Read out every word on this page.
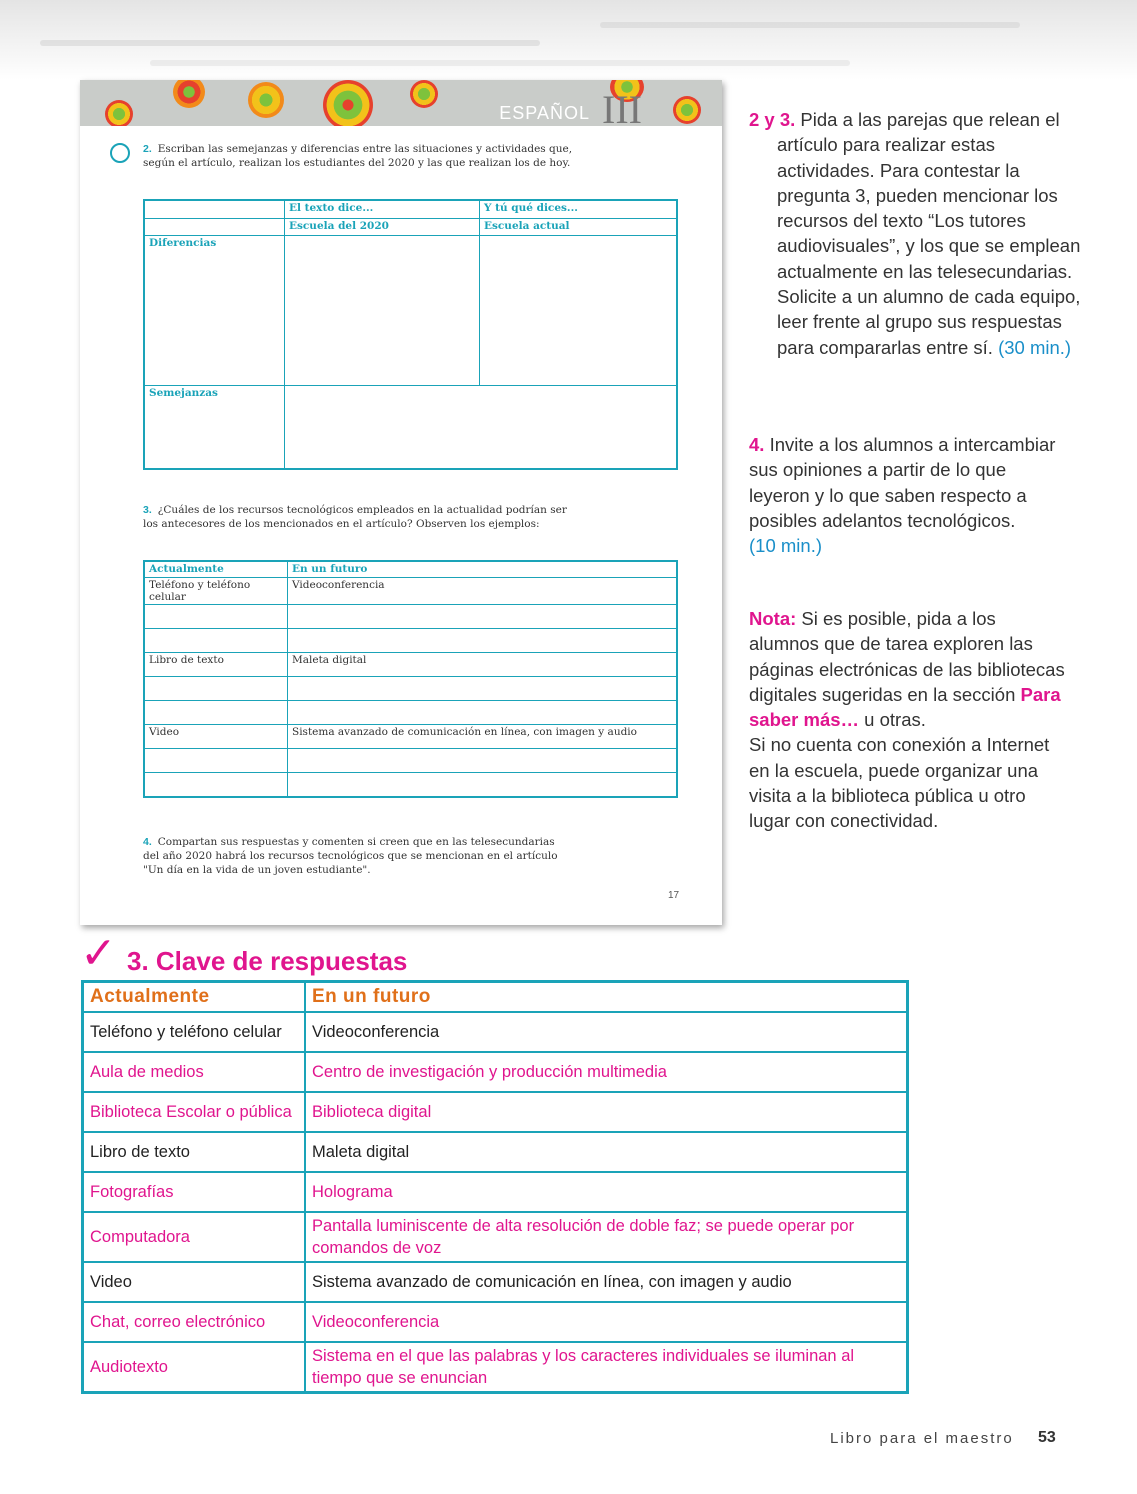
ESPAÑOL III
2. Escriban las semejanzas y diferencias entre las situaciones y actividades que, según el artículo, realizan los estudiantes del 2020 y las que realizan los de hoy.
	El texto dice...	Y tú qué dices...
	Escuela del 2020	Escuela actual
Diferencias		
Semejanzas		
3. ¿Cuáles de los recursos tecnológicos empleados en la actualidad podrían ser los antecesores de los mencionados en el artículo? Observen los ejemplos:
Actualmente	En un futuro
Teléfono y teléfono celular	Videoconferencia

Libro de texto	Maleta digital

Video	Sistema avanzado de comunicación en línea, con imagen y audio

4. Compartan sus respuestas y comenten si creen que en las telesecundarias del año 2020 habrá los recursos tecnológicos que se mencionan en el artículo "Un día en la vida de un joven estudiante".
17
2 y 3. Pida a las parejas que relean el artículo para realizar estas actividades. Para contestar la pregunta 3, pueden mencionar los recursos del texto “Los tutores audiovisuales”, y los que se emplean actualmente en las telesecundarias. Solicite a un alumno de cada equipo, leer frente al grupo sus respuestas para compararlas entre sí. (30 min.)
4. Invite a los alumnos a intercambiar sus opiniones a partir de lo que leyeron y lo que saben respecto a posibles adelantos tecnológicos.
(10 min.)
Nota: Si es posible, pida a los alumnos que de tarea exploren las páginas electrónicas de las bibliotecas digitales sugeridas en la sección Para saber más… u otras.
Si no cuenta con conexión a Internet en la escuela, puede organizar una visita a la biblioteca pública u otro lugar con conectividad.
✓ 3. Clave de respuestas
Actualmente	En un futuro
Teléfono y teléfono celular	Videoconferencia
Aula de medios	Centro de investigación y producción multimedia
Biblioteca Escolar o pública	Biblioteca digital
Libro de texto	Maleta digital
Fotografías	Holograma
Computadora	Pantalla luminiscente de alta resolución de doble faz; se puede operar por comandos de voz
Video	Sistema avanzado de comunicación en línea, con imagen y audio
Chat, correo electrónico	Videoconferencia
Audiotexto	Sistema en el que las palabras y los caracteres individuales se iluminan al tiempo que se enuncian
Libro para el maestro 53
